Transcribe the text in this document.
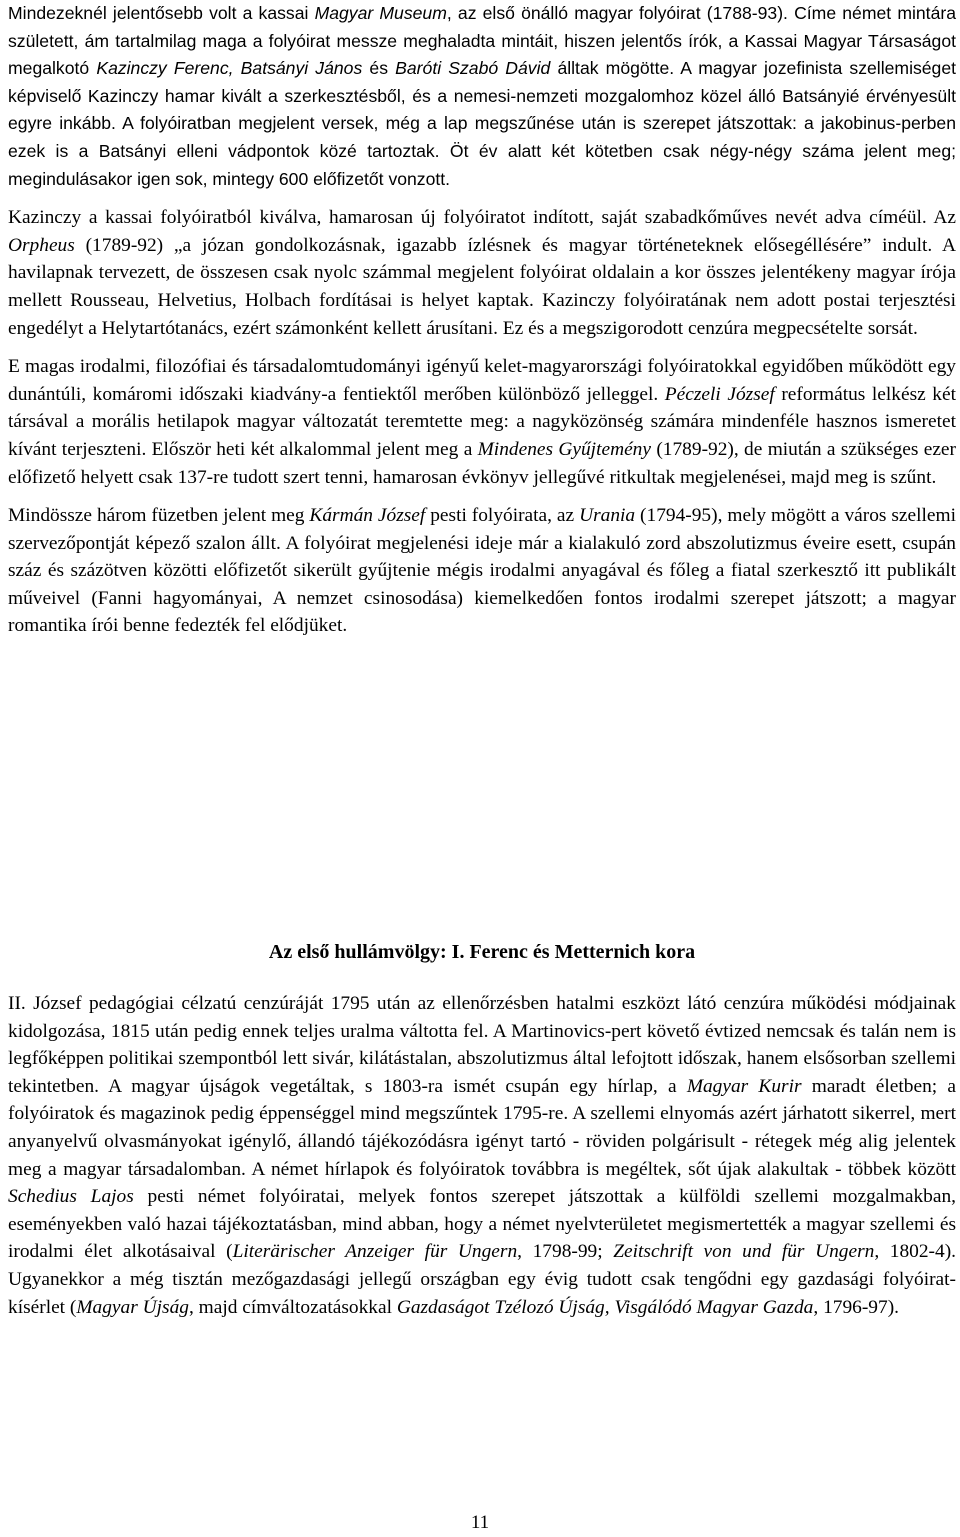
Mindezeknél jelentősebb volt a kassai Magyar Museum, az első önálló magyar folyóirat (1788-93). Címe német mintára született, ám tartalmilag maga a folyóirat messze meghaladta mintáit, hiszen jelentős írók, a Kassai Magyar Társaságot megalkotó Kazinczy Ferenc, Batsányi János és Baróti Szabó Dávid álltak mögötte. A magyar jozefinista szellemiséget képviselő Kazinczy hamar kivált a szerkesztésből, és a nemesi-nemzeti mozgalomhoz közel álló Batsányié érvényesült egyre inkább. A folyóiratban megjelent versek, még a lap megszűnése után is szerepet játszottak: a jakobinus-perben ezek is a Batsányi elleni vádpontok közé tartoztak. Öt év alatt két kötetben csak négy-négy száma jelent meg; megindulásakor igen sok, mintegy 600 előfizetőt vonzott.

Kazinczy a kassai folyóiratból kiválva, hamarosan új folyóiratot indított, saját szabadkőműves nevét adva címéül. Az Orpheus (1789-92) „a józan gondolkozásnak, igazabb ízlésnek és magyar történeteknek elősegéllésére” indult. A havilapnak tervezett, de összesen csak nyolc számmal megjelent folyóirat oldalain a kor összes jelentékeny magyar írója mellett Rousseau, Helvetius, Holbach fordításai is helyet kaptak. Kazinczy folyóiratának nem adott postai terjesztési engedélyt a Helytartótanács, ezért számonként kellett árusítani. Ez és a megszigorodott cenzúra megpecsételte sorsát.

E magas irodalmi, filozófiai és társadalomtudományi igényű kelet-magyarországi folyóiratokkal egyidőben működött egy dunántúli, komáromi időszaki kiadvány-a fentiektől merőben különböző jelleggel. Péczeli József református lelkész két társával a morális hetilapok magyar változatát teremtette meg: a nagyközönség számára mindenféle hasznos ismeretet kívánt terjeszteni. Először heti két alkalommal jelent meg a Mindenes Gyűjtemény (1789-92), de miután a szükséges ezer előfizető helyett csak 137-re tudott szert tenni, hamarosan évkönyv jellegűvé ritkultak megjelenései, majd meg is szűnt.

Mindössze három füzetben jelent meg Kármán József pesti folyóirata, az Urania (1794-95), mely mögött a város szellemi szervezőpontját képező szalon állt. A folyóirat megjelenési ideje már a kialakuló zord abszolutizmus éveire esett, csupán száz és százötven közötti előfizetőt sikerült gyűjtenie mégis irodalmi anyagával és főleg a fiatal szerkesztő itt publikált műveivel (Fanni hagyományai, A nemzet csinosodása) kiemelkedően fontos irodalmi szerepet játszott; a magyar romantika írói benne fedezték fel elődjüket.

Az első hullámvölgy: I. Ferenc és Metternich kora

II. József pedagógiai célzatú cenzúráját 1795 után az ellenőrzésben hatalmi eszközt látó cenzúra működési módjainak kidolgozása, 1815 után pedig ennek teljes uralma váltotta fel. A Martinovics-pert követő évtized nemcsak és talán nem is legfőképpen politikai szempontból lett sivár, kilátástalan, abszolutizmus által lefojtott időszak, hanem elsősorban szellemi tekintetben. A magyar újságok vegetáltak, s 1803-ra ismét csupán egy hírlap, a Magyar Kurir maradt életben; a folyóiratok és magazinok pedig éppenséggel mind megszűntek 1795-re. A szellemi elnyomás azért járhatott sikerrel, mert anyanyelvű olvasmányokat igénylő, állandó tájékozódásra igényt tartó - röviden polgárisult - rétegek még alig jelentek meg a magyar társadalomban. A német hírlapok és folyóiratok továbbra is megéltek, sőt újak alakultak - többek között Schedius Lajos pesti német folyóiratai, melyek fontos szerepet játszottak a külföldi szellemi mozgalmakban, eseményekben való hazai tájékoztatásban, mind abban, hogy a német nyelvterületet megismertették a magyar szellemi és irodalmi élet alkotásaival (Literärischer Anzeiger für Ungern, 1798-99; Zeitschrift von und für Ungern, 1802-4). Ugyanekkor a még tisztán mezőgazdasági jellegű országban egy évig tudott csak tengődni egy gazdasági folyóirat-kísérlet (Magyar Újság, majd címváltozatásokkal Gazdaságot Tzélozó Újság, Visgálódó Magyar Gazda, 1796-97).

11
